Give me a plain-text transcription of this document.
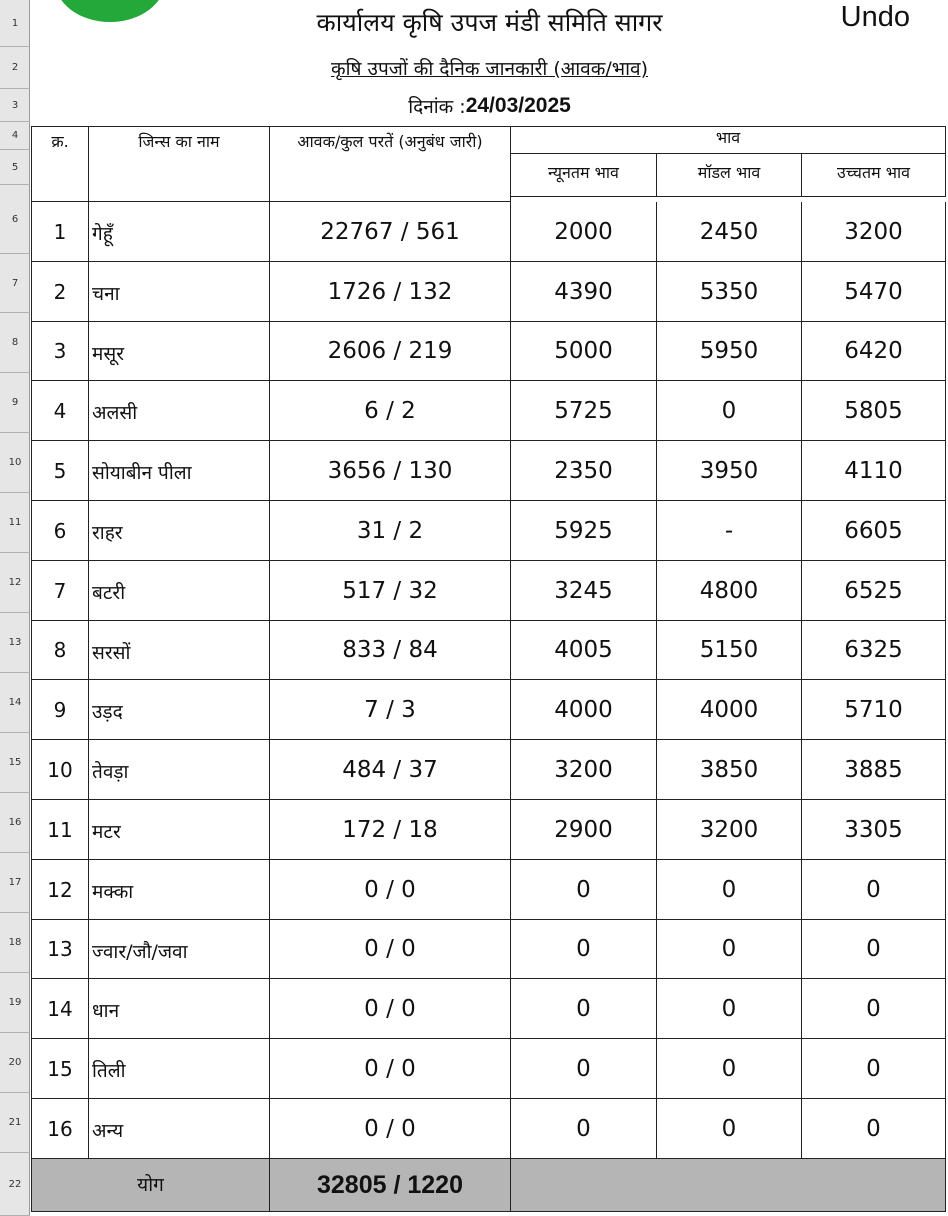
1
2
3
4
5
6
7
8
9
10
11
12
13
14
15
16
17
18
19
20
21
22
Undo
कार्यालय कृषि उपज मंडी समिति सागर
कृषि उपजों की दैनिक जानकारी (आवक/भाव)
दिनांक : 24/03/2025
क्र.	जिन्स का नाम	आवक/कुल परतें (अनुबंध जारी)	भाव
न्यूनतम भाव	मॉडल भाव	उच्चतम भाव
1	गेहूँ	22767 / 561	2000	2450	3200
2	चना	1726 / 132	4390	5350	5470
3	मसूर	2606 / 219	5000	5950	6420
4	अलसी	6 / 2	5725	0	5805
5	सोयाबीन पीला	3656 / 130	2350	3950	4110
6	राहर	31 / 2	5925	-	6605
7	बटरी	517 / 32	3245	4800	6525
8	सरसों	833 / 84	4005	5150	6325
9	उड़द	7 / 3	4000	4000	5710
10	तेवड़ा	484 / 37	3200	3850	3885
11	मटर	172 / 18	2900	3200	3305
12	मक्का	0 / 0	0	0	0
13	ज्वार/जौ/जवा	0 / 0	0	0	0
14	धान	0 / 0	0	0	0
15	तिली	0 / 0	0	0	0
16	अन्य	0 / 0	0	0	0
योग	32805 / 1220
